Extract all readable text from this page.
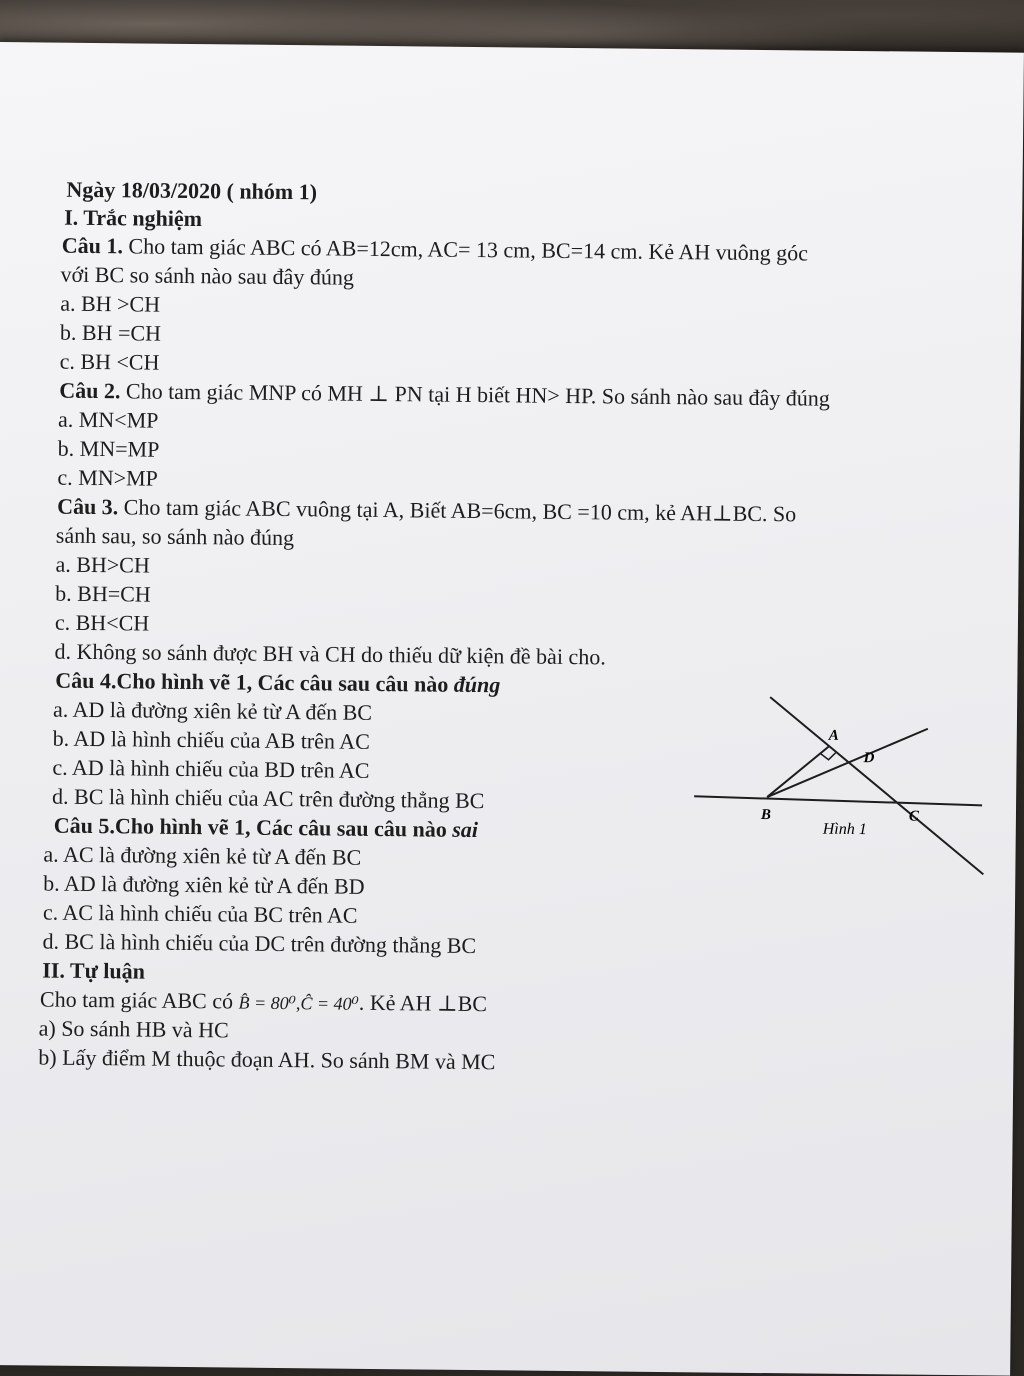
Ngày 18/03/2020 ( nhóm 1)
I. Trắc nghiệm
Câu 1. Cho tam giác ABC có AB=12cm, AC= 13 cm, BC=14 cm. Kẻ AH vuông góc
với BC so sánh nào sau đây đúng
a. BH >CH
b. BH =CH
c. BH <CH
Câu 2. Cho tam giác MNP có MH ⊥ PN tại H biết HN> HP. So sánh nào sau đây đúng
a. MN<MP
b. MN=MP
c. MN>MP
Câu 3. Cho tam giác ABC vuông tại A, Biết AB=6cm, BC =10 cm, kẻ AH⊥BC. So
sánh sau, so sánh nào đúng
a. BH>CH
b. BH=CH
c. BH<CH
d. Không so sánh được BH và CH do thiếu dữ kiện đề bài cho.
Câu 4.Cho hình vẽ 1, Các câu sau câu nào đúng
a. AD là đường xiên kẻ từ A đến BC
b. AD là hình chiếu của AB trên AC
c. AD là hình chiếu của BD trên AC
d. BC là hình chiếu của AC trên đường thẳng BC
Câu 5.Cho hình vẽ 1, Các câu sau câu nào sai
a. AC là đường xiên kẻ từ A đến BC
b. AD là đường xiên kẻ từ A đến BD
c. AC là hình chiếu của BC trên AC
d. BC là hình chiếu của DC trên đường thẳng BC
II. Tự luận
Cho tam giác ABC có B̂ = 80⁰,Ĉ = 40⁰. Kẻ AH ⊥BC
a) So sánh HB và HC
b) Lấy điểm M thuộc đoạn AH. So sánh BM và MC
A
D
B	C
Hình 1
